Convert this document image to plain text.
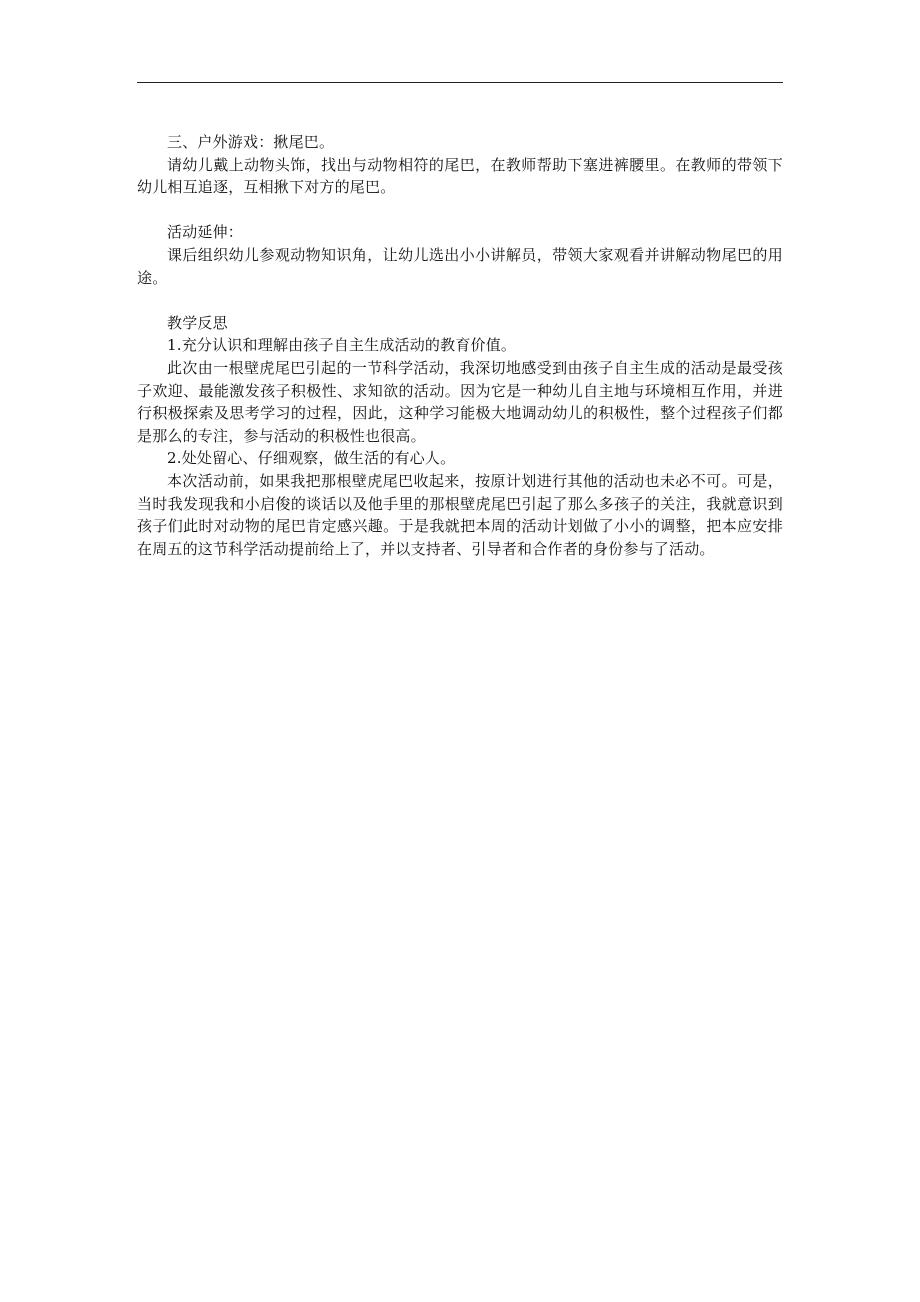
三、户外游戏：揪尾巴。

请幼儿戴上动物头饰，找出与动物相符的尾巴，在教师帮助下塞进裤腰里。在教师的带领下幼儿相互追逐，互相揪下对方的尾巴。

活动延伸：

课后组织幼儿参观动物知识角，让幼儿选出小小讲解员，带领大家观看并讲解动物尾巴的用途。

教学反思

1.充分认识和理解由孩子自主生成活动的教育价值。

此次由一根壁虎尾巴引起的一节科学活动，我深切地感受到由孩子自主生成的活动是最受孩子欢迎、最能激发孩子积极性、求知欲的活动。因为它是一种幼儿自主地与环境相互作用，并进行积极探索及思考学习的过程，因此，这种学习能极大地调动幼儿的积极性，整个过程孩子们都是那么的专注，参与活动的积极性也很高。

2.处处留心、仔细观察，做生活的有心人。

本次活动前，如果我把那根壁虎尾巴收起来，按原计划进行其他的活动也未必不可。可是，当时我发现我和小启俊的谈话以及他手里的那根壁虎尾巴引起了那么多孩子的关注，我就意识到孩子们此时对动物的尾巴肯定感兴趣。于是我就把本周的活动计划做了小小的调整，把本应安排在周五的这节科学活动提前给上了，并以支持者、引导者和合作者的身份参与了活动。
